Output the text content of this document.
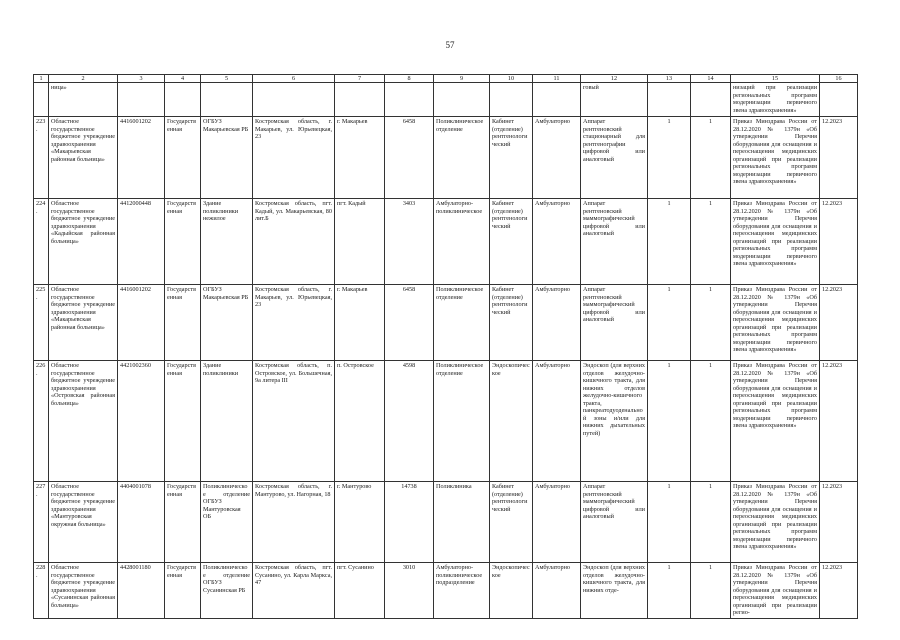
57
1	2	3	4	5	6	7	8	9	10	11	12	13	14	15	16
	ница»										говый			низаций при реализации региональных программ модернизации первичного звена здравоохранения»	
223.	Областное государственное бюджетное учреждение здравоохранения «Макарьевская районная больница»	4416001202	Государственная	ОГБУЗ Макарьевская РБ	Костромская область, г. Макарьев, ул. Юрьевецкая, 23	г. Макарьев	6458	Поликлиническое отделение	Кабинет (отделение) рентгенологический	Амбулаторно	Аппарат рентгеновский стационарный для рентгенографии цифровой или аналоговый	1	1	Приказ Минздрава России от 28.12.2020 № 1379н «Об утверждении Перечня оборудования для оснащения и переоснащения медицинских организаций при реализации региональных программ модернизации первичного звена здравоохранения»	12.2023
224.	Областное государственное бюджетное учреждение здравоохранения «Кадыйская районная больница»	4412000448	Государственная	Здание поликлиники нежилое	Костромская область, пгт. Кадый, ул. Макарьевская, 80 лит.Б	пгт. Кадый	3403	Амбулаторно-поликлиническое	Кабинет (отделение) рентгенологический	Амбулаторно	Аппарат рентгеновский маммографический цифровой или аналоговый	1	1	Приказ Минздрава России от 28.12.2020 № 1379н «Об утверждении Перечня оборудования для оснащения и переоснащения медицинских организаций при реализации региональных программ модернизации первичного звена здравоохранения»	12.2023
225.	Областное государственное бюджетное учреждение здравоохранения «Макарьевская районная больница»	4416001202	Государственная	ОГБУЗ Макарьевская РБ	Костромская область, г. Макарьев, ул. Юрьевецкая, 23	г. Макарьев	6458	Поликлиническое отделение	Кабинет (отделение) рентгенологический	Амбулаторно	Аппарат рентгеновский маммографический цифровой или аналоговый	1	1	Приказ Минздрава России от 28.12.2020 № 1379н «Об утверждении Перечня оборудования для оснащения и переоснащения медицинских организаций при реализации региональных программ модернизации первичного звена здравоохранения»	12.2023
226.	Областное государственное бюджетное учреждение здравоохранения «Островская районная больница»	4421002360	Государственная	Здание поликлиники	Костромская область, п. Островское, ул. Большечная, 9а литера III	п. Островское	4598	Поликлиническое отделение	Эндоскопическое	Амбулаторно	Эндоскоп (для верхних отделов желудочно-кишечного тракта, для нижних отделов желудочно-кишечного тракта, панкреатодуоденальной зоны и/или для нижних дыхательных путей)	1	1	Приказ Минздрава России от 28.12.2020 № 1379н «Об утверждении Перечня оборудования для оснащения и переоснащения медицинских организаций при реализации региональных программ модернизации первичного звена здравоохранения»	12.2023
227.	Областное государственное бюджетное учреждение здравоохранения «Мантуровская окружная больница»	4404001078	Государственная	Поликлиническое отделение ОГБУЗ Мантуровская ОБ	Костромская область, г. Мантурово, ул. Нагорная, 18	г. Мантурово	14738	Поликлиника	Кабинет (отделение) рентгенологический	Амбулаторно	Аппарат рентгеновский маммографический цифровой или аналоговый	1	1	Приказ Минздрава России от 28.12.2020 № 1379н «Об утверждении Перечня оборудования для оснащения и переоснащения медицинских организаций при реализации региональных программ модернизации первичного звена здравоохранения»	12.2023
228.	Областное государственное бюджетное учреждение здравоохранения «Сусанинская районная больница»	4428001180	Государственная	Поликлиническое отделение ОГБУЗ Сусанинская РБ	Костромская область, пгт. Сусанино, ул. Карла Маркса, 47	пгт. Сусанино	3010	Амбулаторно-поликлиническое подразделение	Эндоскопическое	Амбулаторно	Эндоскоп (для верхних отделов желудочно-кишечного тракта, для нижних отде-	1	1	Приказ Минздрава России от 28.12.2020 № 1379н «Об утверждении Перечня оборудования для оснащения и переоснащения медицинских организаций при реализации регио-	12.2023
